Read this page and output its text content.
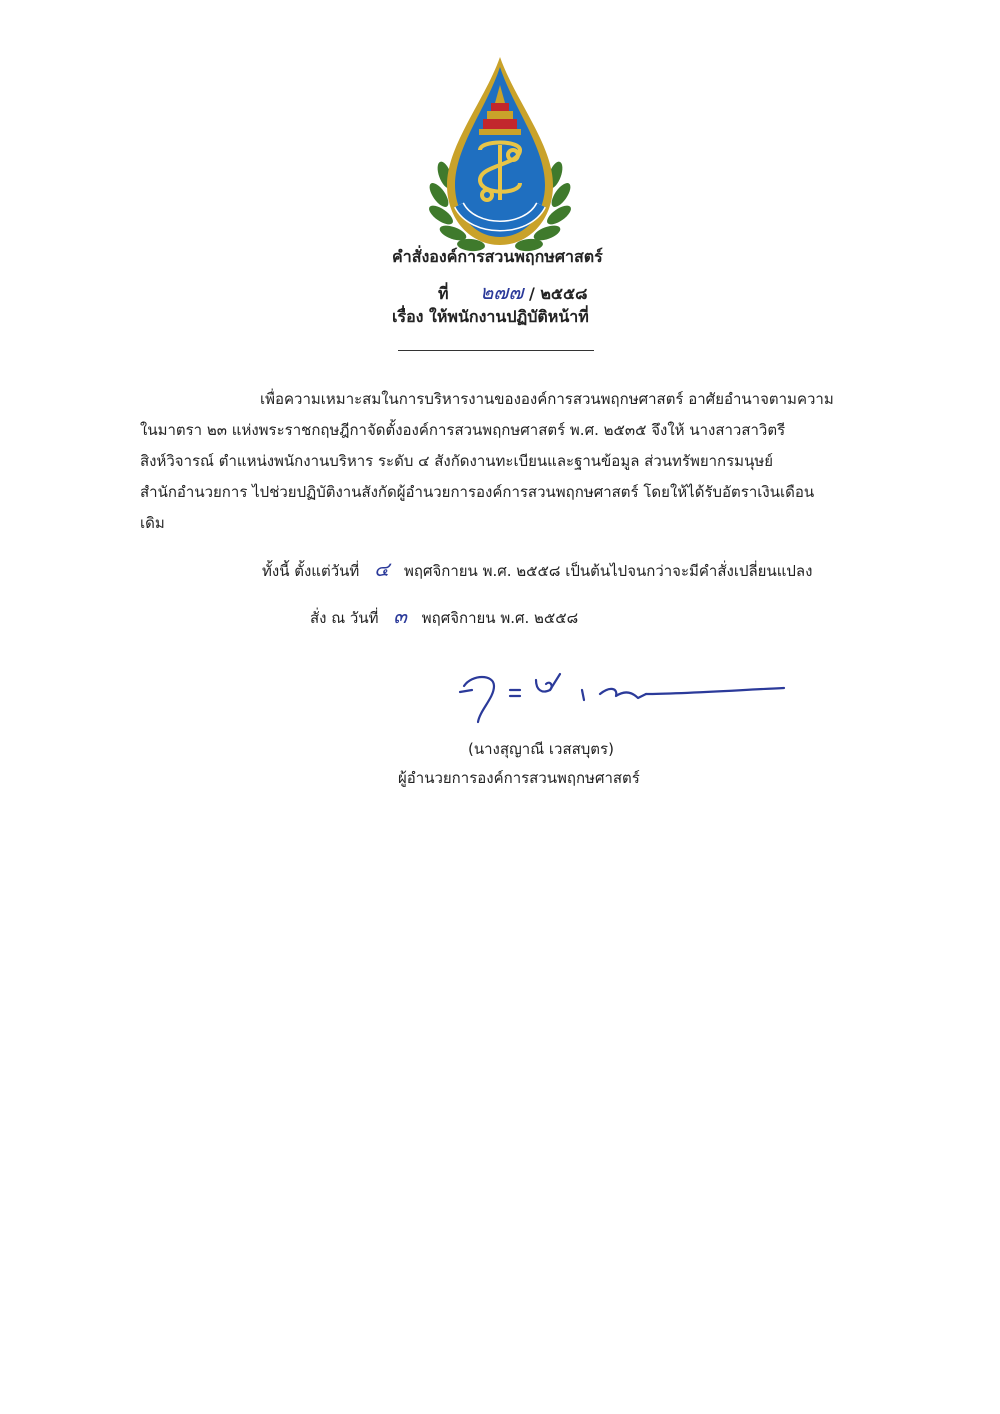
คำสั่งองค์การสวนพฤกษศาสตร์
ที่ ๒๗๗ / ๒๕๕๘
เรื่อง ให้พนักงานปฏิบัติหน้าที่
เพื่อความเหมาะสมในการบริหารงานขององค์การสวนพฤกษศาสตร์ อาศัยอำนาจตามความ
ในมาตรา ๒๓ แห่งพระราชกฤษฎีกาจัดตั้งองค์การสวนพฤกษศาสตร์ พ.ศ. ๒๕๓๕ จึงให้ นางสาวสาวิตรี
สิงห์วิจารณ์ ตำแหน่งพนักงานบริหาร ระดับ ๔ สังกัดงานทะเบียนและฐานข้อมูล ส่วนทรัพยากรมนุษย์
สำนักอำนวยการ ไปช่วยปฏิบัติงานสังกัดผู้อำนวยการองค์การสวนพฤกษศาสตร์ โดยให้ได้รับอัตราเงินเดือน
เดิม
ทั้งนี้ ตั้งแต่วันที่ ๔ พฤศจิกายน พ.ศ. ๒๕๕๘ เป็นต้นไปจนกว่าจะมีคำสั่งเปลี่ยนแปลง
สั่ง ณ วันที่ ๓ พฤศจิกายน พ.ศ. ๒๕๕๘
(นางสุญาณี เวสสบุตร)
ผู้อำนวยการองค์การสวนพฤกษศาสตร์
